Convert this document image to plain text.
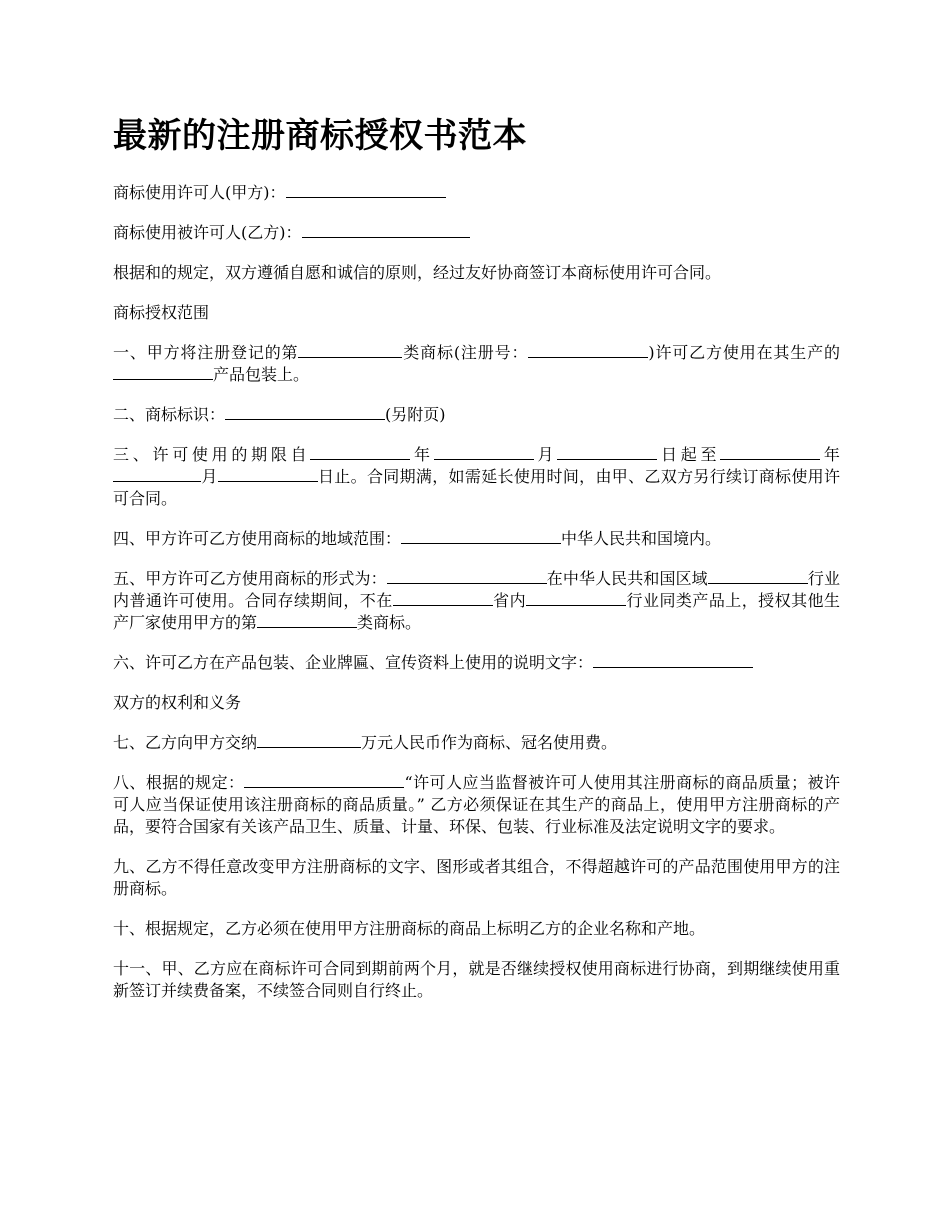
最新的注册商标授权书范本

商标使用许可人(甲方)：

商标使用被许可人(乙方)：

根据和的规定，双方遵循自愿和诚信的原则，经过友好协商签订本商标使用许可合同。

商标授权范围

一、甲方将注册登记的第	类商标(注册号：	)许可乙方使用在其生产的产品包装上。

二、商标标识：	(另附页)

三、许可使用的期限自	年	月	日起至	年月	日止。合同期满，如需延长使用时间，由甲、乙双方另行续订商标使用许可合同。

四、甲方许可乙方使用商标的地域范围：	中华人民共和国境内。

五、甲方许可乙方使用商标的形式为：	在中华人民共和国区域	行业内普通许可使用。合同存续期间，不在	省内	行业同类产品上，授权其他生产厂家使用甲方的第	类商标。

六、许可乙方在产品包装、企业牌匾、宣传资料上使用的说明文字：

双方的权利和义务

七、乙方向甲方交纳	万元人民币作为商标、冠名使用费。

八、根据的规定：	“许可人应当监督被许可人使用其注册商标的商品质量；被许可人应当保证使用该注册商标的商品质量。” 乙方必须保证在其生产的商品上，使用甲方注册商标的产品，要符合国家有关该产品卫生、质量、计量、环保、包装、行业标准及法定说明文字的要求。

九、乙方不得任意改变甲方注册商标的文字、图形或者其组合，不得超越许可的产品范围使用甲方的注册商标。

十、根据规定，乙方必须在使用甲方注册商标的商品上标明乙方的企业名称和产地。

十一、甲、乙方应在商标许可合同到期前两个月，就是否继续授权使用商标进行协商，到期继续使用重新签订并续费备案，不续签合同则自行终止。
